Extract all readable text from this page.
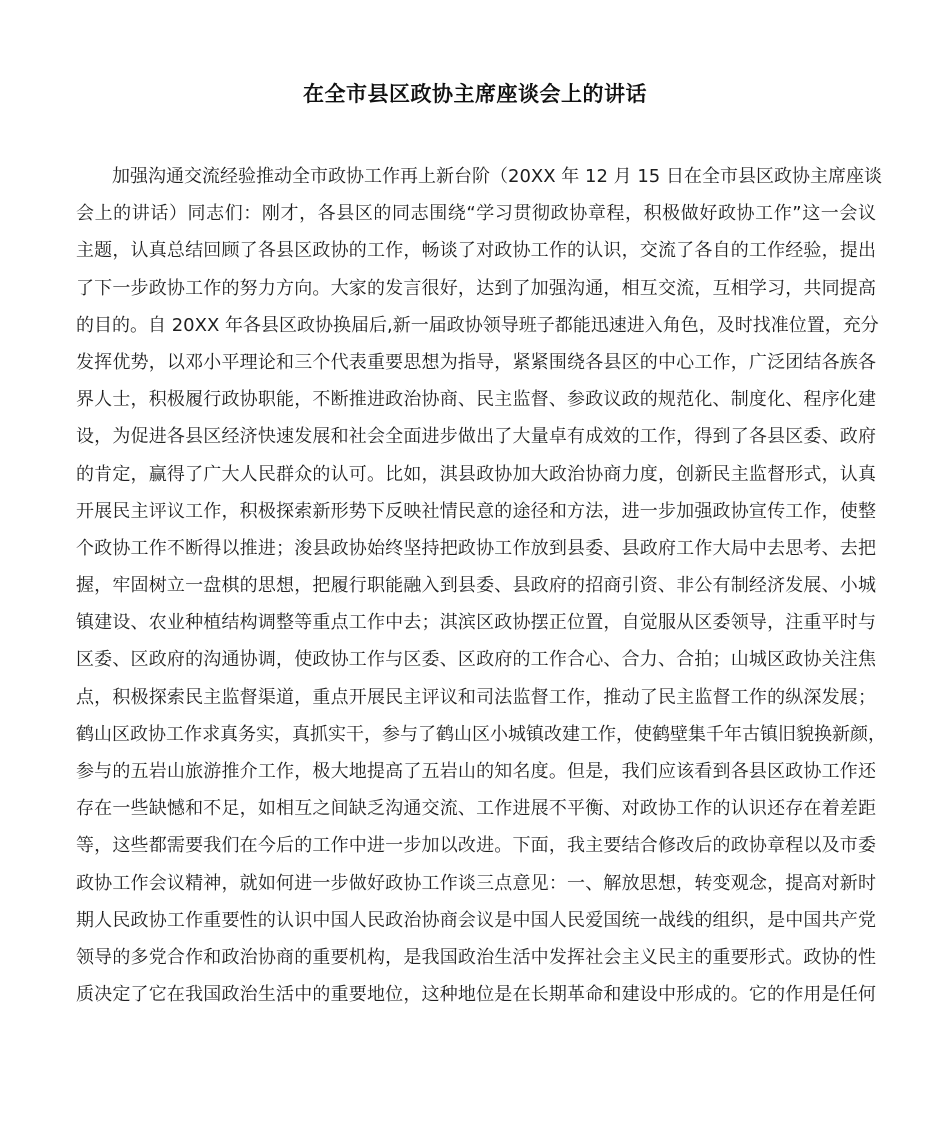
在全市县区政协主席座谈会上的讲话
加强沟通交流经验推动全市政协工作再上新台阶（20XX 年 12 月 15 日在全市县区政协主席座谈
会上的讲话）同志们：刚才，各县区的同志围绕“学习贯彻政协章程，积极做好政协工作”这一会议
主题，认真总结回顾了各县区政协的工作，畅谈了对政协工作的认识，交流了各自的工作经验，提出
了下一步政协工作的努力方向。大家的发言很好，达到了加强沟通，相互交流，互相学习，共同提高
的目的。自 20XX 年各县区政协换届后,新一届政协领导班子都能迅速进入角色，及时找准位置，充分
发挥优势，以邓小平理论和三个代表重要思想为指导，紧紧围绕各县区的中心工作，广泛团结各族各
界人士，积极履行政协职能，不断推进政治协商、民主监督、参政议政的规范化、制度化、程序化建
设，为促进各县区经济快速发展和社会全面进步做出了大量卓有成效的工作，得到了各县区委、政府
的肯定，赢得了广大人民群众的认可。比如，淇县政协加大政治协商力度，创新民主监督形式，认真
开展民主评议工作，积极探索新形势下反映社情民意的途径和方法，进一步加强政协宣传工作，使整
个政协工作不断得以推进；浚县政协始终坚持把政协工作放到县委、县政府工作大局中去思考、去把
握，牢固树立一盘棋的思想，把履行职能融入到县委、县政府的招商引资、非公有制经济发展、小城
镇建设、农业种植结构调整等重点工作中去；淇滨区政协摆正位置，自觉服从区委领导，注重平时与
区委、区政府的沟通协调，使政协工作与区委、区政府的工作合心、合力、合拍；山城区政协关注焦
点，积极探索民主监督渠道，重点开展民主评议和司法监督工作，推动了民主监督工作的纵深发展；
鹤山区政协工作求真务实，真抓实干，参与了鹤山区小城镇改建工作，使鹤壁集千年古镇旧貌换新颜，
参与的五岩山旅游推介工作，极大地提高了五岩山的知名度。但是，我们应该看到各县区政协工作还
存在一些缺憾和不足，如相互之间缺乏沟通交流、工作进展不平衡、对政协工作的认识还存在着差距
等，这些都需要我们在今后的工作中进一步加以改进。下面，我主要结合修改后的政协章程以及市委
政协工作会议精神，就如何进一步做好政协工作谈三点意见：一、解放思想，转变观念，提高对新时
期人民政协工作重要性的认识中国人民政治协商会议是中国人民爱国统一战线的组织，是中国共产党
领导的多党合作和政治协商的重要机构，是我国政治生活中发挥社会主义民主的重要形式。政协的性
质决定了它在我国政治生活中的重要地位，这种地位是在长期革命和建设中形成的。它的作用是任何
